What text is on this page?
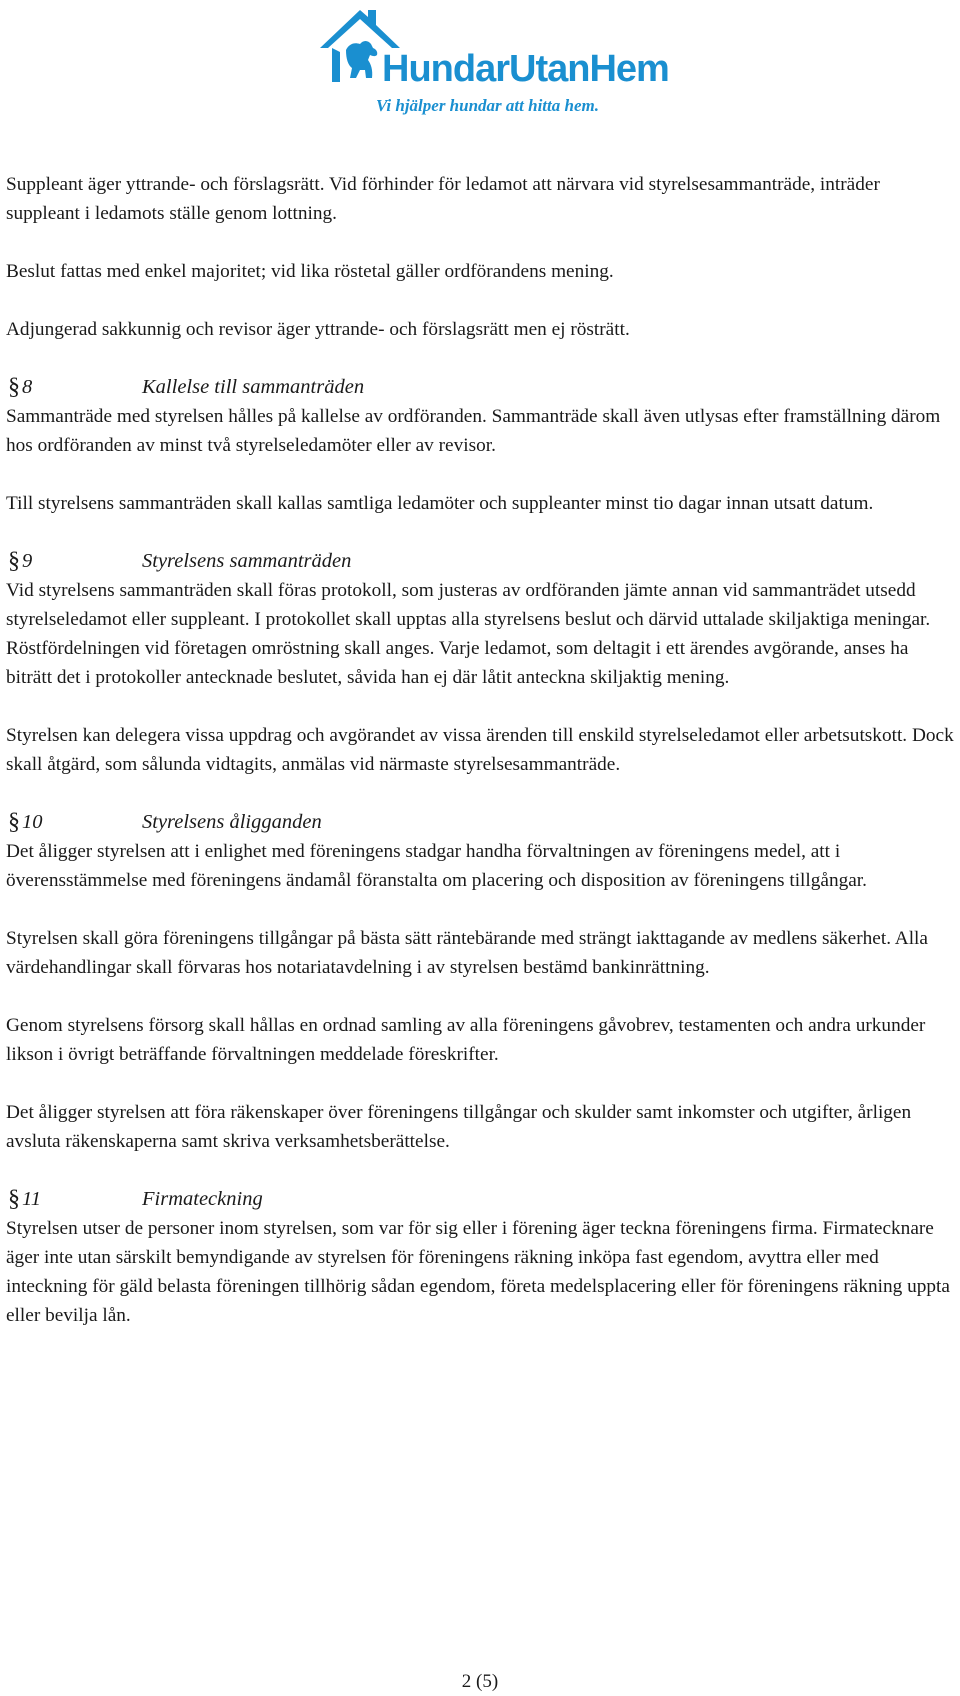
HundarUtanHem
Vi hjälper hundar att hitta hem.

Suppleant äger yttrande- och förslagsrätt. Vid förhinder för ledamot att närvara vid styrelsesammanträde, inträder suppleant i ledamots ställe genom lottning.

Beslut fattas med enkel majoritet; vid lika röstetal gäller ordförandens mening.

Adjungerad sakkunnig och revisor äger yttrande- och förslagsrätt men ej rösträtt.

§ 8	Kallelse till sammanträden

Sammanträde med styrelsen hålles på kallelse av ordföranden. Sammanträde skall även utlysas efter framställning därom hos ordföranden av minst två styrelseledamöter eller av revisor.

Till styrelsens sammanträden skall kallas samtliga ledamöter och suppleanter minst tio dagar innan utsatt datum.

§ 9	Styrelsens sammanträden

Vid styrelsens sammanträden skall föras protokoll, som justeras av ordföranden jämte annan vid sammanträdet utsedd styrelseledamot eller suppleant. I protokollet skall upptas alla styrelsens beslut och därvid uttalade skiljaktiga meningar. Röstfördelningen vid företagen omröstning skall anges. Varje ledamot, som deltagit i ett ärendes avgörande, anses ha biträtt det i protokoller antecknade beslutet, såvida han ej där låtit anteckna skiljaktig mening.

Styrelsen kan delegera vissa uppdrag och avgörandet av vissa ärenden till enskild styrelseledamot eller arbetsutskott. Dock skall åtgärd, som sålunda vidtagits, anmälas vid närmaste styrelsesammanträde.

§ 10	Styrelsens åligganden

Det åligger styrelsen att i enlighet med föreningens stadgar handha förvaltningen av föreningens medel, att i överensstämmelse med föreningens ändamål föranstalta om placering och disposition av föreningens tillgångar.

Styrelsen skall göra föreningens tillgångar på bästa sätt räntebärande med strängt iakttagande av medlens säkerhet. Alla värdehandlingar skall förvaras hos notariatavdelning i av styrelsen bestämd bankinrättning.

Genom styrelsens försorg skall hållas en ordnad samling av alla föreningens gåvobrev, testamenten och andra urkunder likson i övrigt beträffande förvaltningen meddelade föreskrifter.

Det åligger styrelsen att föra räkenskaper över föreningens tillgångar och skulder samt inkomster och utgifter, årligen avsluta räkenskaperna samt skriva verksamhetsberättelse.

§ 11	Firmateckning

Styrelsen utser de personer inom styrelsen, som var för sig eller i förening äger teckna föreningens firma. Firmatecknare äger inte utan särskilt bemyndigande av styrelsen för föreningens räkning inköpa fast egendom, avyttra eller med inteckning för gäld belasta föreningen tillhörig sådan egendom, företa medelsplacering eller för föreningens räkning uppta eller bevilja lån.

2 (5)
